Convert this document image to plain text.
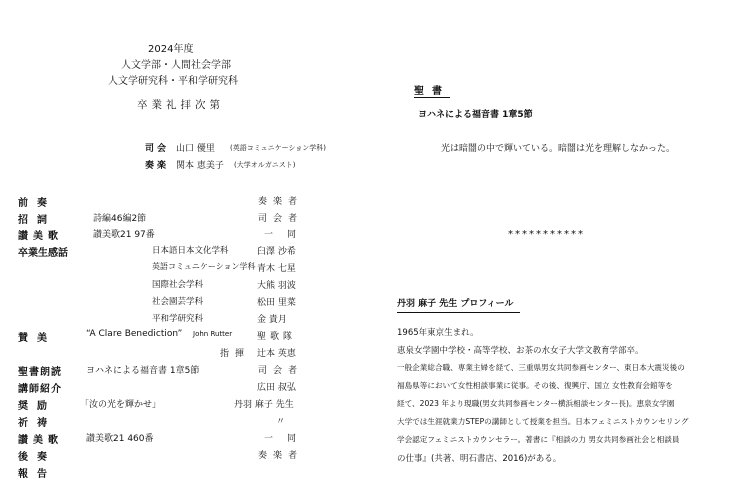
2024年度
人文学部・人間社会学部
人文学研究科・平和学研究科
卒業礼拝次第
司会 山口 優里 (英語コミュニケーション学科)
奏楽 関本 恵美子 (大学オルガニスト)
前奏	奏楽者
招詞	詩編46編2節	司会者
讃美歌	讃美歌21 97番	一同
卒業生感話	日本語日本文化学科	臼澤 沙希
英語コミュニケーション学科 青木 七星
国際社会学科	大熊 羽波
社会園芸学科	松田 里菜
平和学研究科	金 貴月
賛美	“A Clare Benediction” John Rutter	聖歌隊
指揮 辻本 英恵
聖書朗読	ヨハネによる福音書 1章5節	司会者
講師紹介	広田 叔弘
奨励	「汝の光を輝かせ」	丹羽 麻子 先生
祈祷	〃
讃美歌	讃美歌21 460番	一同
後奏	奏楽者
報告
聖書
ヨハネによる福音書 1章5節
光は暗闇の中で輝いている。暗闇は光を理解しなかった。
***********
丹羽 麻子 先生 プロフィール
1965年東京生まれ。
恵泉女学園中学校・高等学校、お茶の水女子大学文教育学部卒。
一般企業総合職、専業主婦を経て、三重県男女共同参画センター、東日本大震災後の
福島県等において女性相談事業に従事。その後、復興庁、国立 女性教育会館等を
経て、2023 年より現職(男女共同参画センター横浜相談センター長)。恵泉女学園
大学では生涯就業力STEPの講師として授業を担当。日本フェミニストカウンセリング
学会認定フェミニストカウンセラー。著書に『相談の力 男女共同参画社会と相談員
の仕事』(共著、明石書店、2016)がある。
